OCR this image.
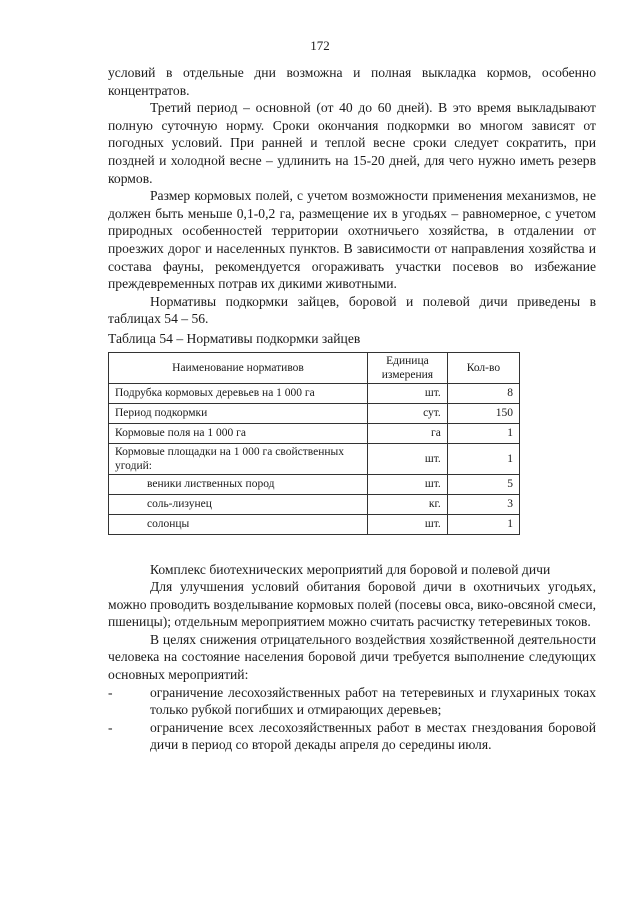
172

условий в отдельные дни возможна и полная выкладка кормов, особенно концентратов.

Третий период – основной (от 40 до 60 дней). В это время выкладывают полную суточную норму. Сроки окончания подкормки во многом зависят от погодных условий. При ранней и теплой весне сроки следует сократить, при поздней и холодной весне – удлинить на 15-20 дней, для чего нужно иметь резерв кормов.

Размер кормовых полей, с учетом возможности применения механизмов, не должен быть меньше 0,1-0,2 га, размещение их в угодьях – равномерное, с учетом природных особенностей территории охотничьего хозяйства, в отдалении от проезжих дорог и населенных пунктов. В зависимости от направления хозяйства и состава фауны, рекомендуется огораживать участки посевов во избежание преждевременных потрав их дикими животными.

Нормативы подкормки зайцев, боровой и полевой дичи приведены в таблицах 54 – 56.

Таблица 54 – Нормативы подкормки зайцев

Наименование нормативов	Единица измерения	Кол-во
Подрубка кормовых деревьев на 1 000 га	шт.	8
Период подкормки	сут.	150
Кормовые поля на 1 000 га	га	1
Кормовые площадки на 1 000 га свойственных угодий:	шт.	1
веники лиственных пород	шт.	5
соль-лизунец	кг.	3
солонцы	шт.	1

Комплекс биотехнических мероприятий для боровой и полевой дичи

Для улучшения условий обитания боровой дичи в охотничьих угодьях, можно проводить возделывание кормовых полей (посевы овса, вико-овсяной смеси, пшеницы); отдельным мероприятием можно считать расчистку тетеревиных токов.

В целях снижения отрицательного воздействия хозяйственной деятельности человека на состояние населения боровой дичи требуется выполнение следующих основных мероприятий:

-	ограничение лесохозяйственных работ на тетеревиных и глухариных токах только рубкой погибших и отмирающих деревьев;

-	ограничение всех лесохозяйственных работ в местах гнездования боровой дичи в период со второй декады апреля до середины июля.
